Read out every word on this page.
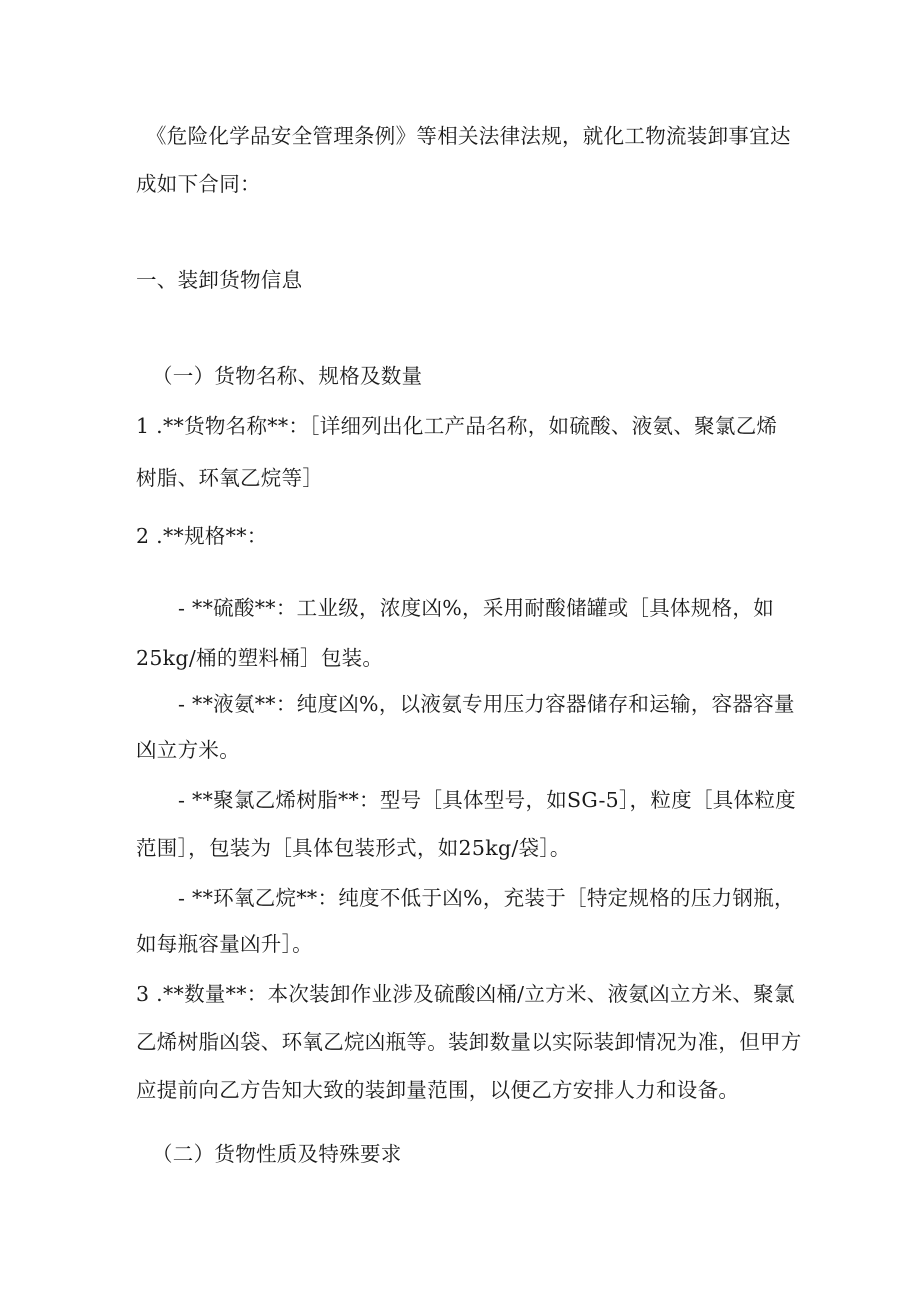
《危险化学品安全管理条例》等相关法律法规，就化工物流装卸事宜达
成如下合同：
一、装卸货物信息
（一）货物名称、规格及数量
1 .**货物名称**：［详细列出化工产品名称，如硫酸、液氨、聚氯乙烯
树脂、环氧乙烷等］
2 .**规格**：
- **硫酸**：工业级，浓度凶%，采用耐酸储罐或［具体规格，如
25kg/桶的塑料桶］包装。
- **液氨**：纯度凶%，以液氨专用压力容器储存和运输，容器容量
凶立方米。
- **聚氯乙烯树脂**：型号［具体型号，如SG-5］，粒度［具体粒度
范围］，包装为［具体包装形式，如25kg/袋］。
- **环氧乙烷**：纯度不低于凶%，充装于［特定规格的压力钢瓶，
如每瓶容量凶升］。
3 .**数量**：本次装卸作业涉及硫酸凶桶/立方米、液氨凶立方米、聚氯
乙烯树脂凶袋、环氧乙烷凶瓶等。装卸数量以实际装卸情况为准，但甲方
应提前向乙方告知大致的装卸量范围，以便乙方安排人力和设备。
（二）货物性质及特殊要求
